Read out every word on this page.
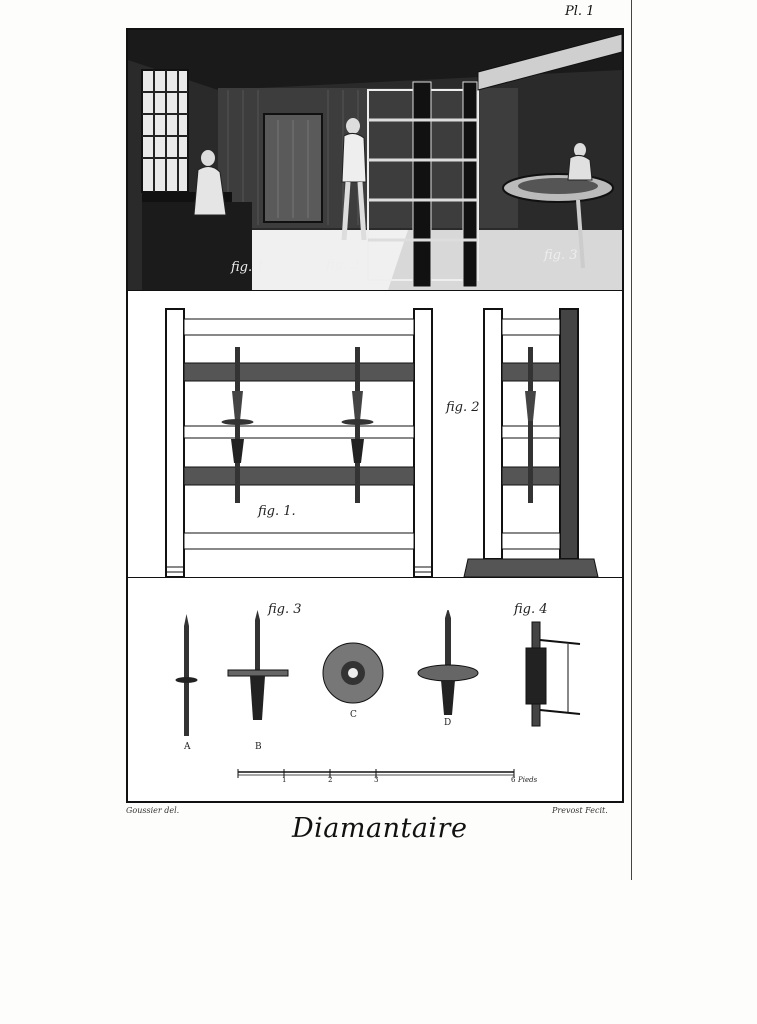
Pl. 1
fig. 1.	fig. 2
fig. 3
fig. 1.
fig. 2
fig. 3	fig. 4
A	B
C
D
1	2	3	6 Pieds
Goussier del.	Prevost Fecit.
Diamantaire
